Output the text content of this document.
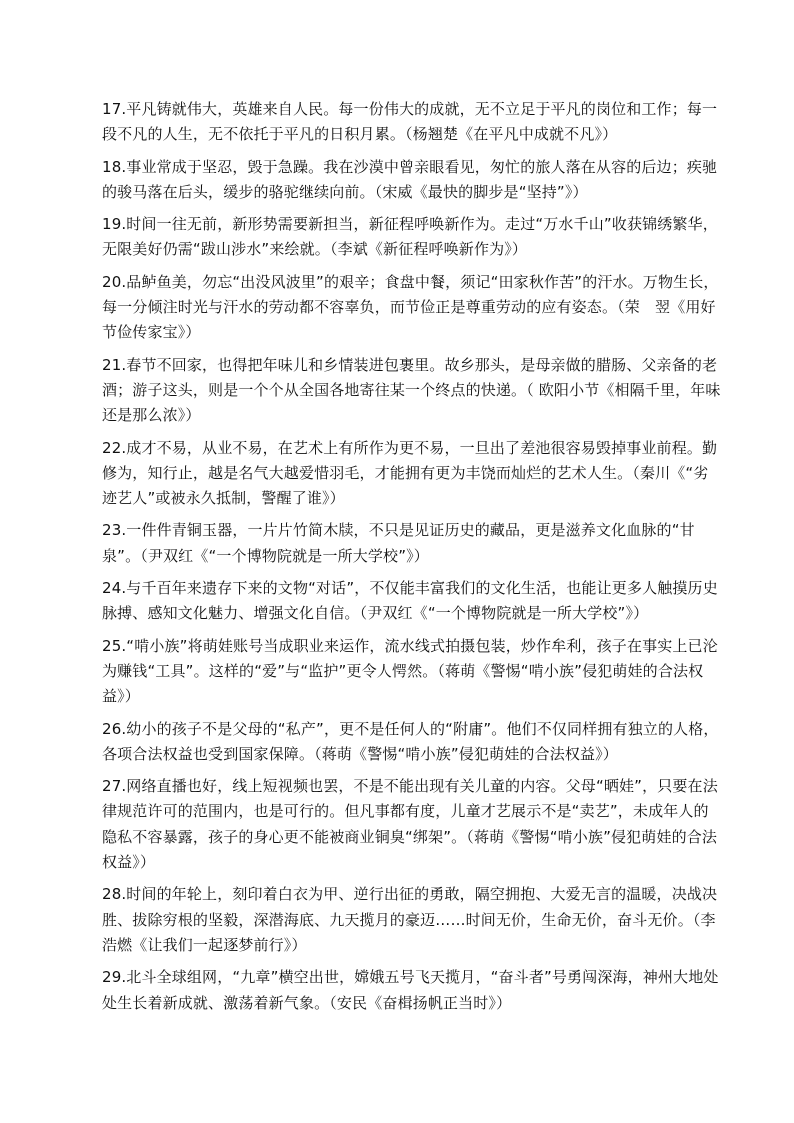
17.平凡铸就伟大，英雄来自人民。每一份伟大的成就，无不立足于平凡的岗位和工作；每一段不凡的人生，无不依托于平凡的日积月累。（杨翘楚《在平凡中成就不凡》）

18.事业常成于坚忍，毁于急躁。我在沙漠中曾亲眼看见，匆忙的旅人落在从容的后边；疾驰的骏马落在后头，缓步的骆驼继续向前。（宋威《最快的脚步是“坚持”》）

19.时间一往无前，新形势需要新担当，新征程呼唤新作为。走过“万水千山”收获锦绣繁华，无限美好仍需“跋山涉水”来绘就。（李斌《新征程呼唤新作为》）

20.品鲈鱼美，勿忘“出没风波里”的艰辛；食盘中餐，须记“田家秋作苦”的汗水。万物生长，每一分倾注时光与汗水的劳动都不容辜负，而节俭正是尊重劳动的应有姿态。（荣　翌《用好节俭传家宝》）

21.春节不回家，也得把年味儿和乡情装进包裹里。故乡那头，是母亲做的腊肠、父亲备的老酒；游子这头，则是一个个从全国各地寄往某一个终点的快递。（ 欧阳小节《相隔千里，年味还是那么浓》）

22.成才不易，从业不易，在艺术上有所作为更不易，一旦出了差池很容易毁掉事业前程。勤修为，知行止，越是名气大越爱惜羽毛，才能拥有更为丰饶而灿烂的艺术人生。（秦川《“劣迹艺人”或被永久抵制，警醒了谁》）

23.一件件青铜玉器，一片片竹简木牍，不只是见证历史的藏品，更是滋养文化血脉的“甘泉”。（尹双红《“一个博物院就是一所大学校”》）

24.与千百年来遗存下来的文物“对话”，不仅能丰富我们的文化生活，也能让更多人触摸历史脉搏、感知文化魅力、增强文化自信。（尹双红《“一个博物院就是一所大学校”》）

25.“啃小族”将萌娃账号当成职业来运作，流水线式拍摄包装，炒作牟利，孩子在事实上已沦为赚钱“工具”。这样的“爱”与“监护”更令人愕然。（蒋萌《警惕“啃小族”侵犯萌娃的合法权益》）

26.幼小的孩子不是父母的“私产”，更不是任何人的“附庸”。他们不仅同样拥有独立的人格，各项合法权益也受到国家保障。（蒋萌《警惕“啃小族”侵犯萌娃的合法权益》）

27.网络直播也好，线上短视频也罢，不是不能出现有关儿童的内容。父母“晒娃”，只要在法律规范许可的范围内，也是可行的。但凡事都有度，儿童才艺展示不是“卖艺”，未成年人的隐私不容暴露，孩子的身心更不能被商业铜臭“绑架”。（蒋萌《警惕“啃小族”侵犯萌娃的合法权益》）

28.时间的年轮上，刻印着白衣为甲、逆行出征的勇敢，隔空拥抱、大爱无言的温暖，决战决胜、拔除穷根的坚毅，深潜海底、九天揽月的豪迈……时间无价，生命无价，奋斗无价。（李浩燃《让我们一起逐梦前行》）

29.北斗全球组网，“九章”横空出世，嫦娥五号飞天揽月，“奋斗者”号勇闯深海，神州大地处处生长着新成就、激荡着新气象。（安民《奋楫扬帆正当时》）
